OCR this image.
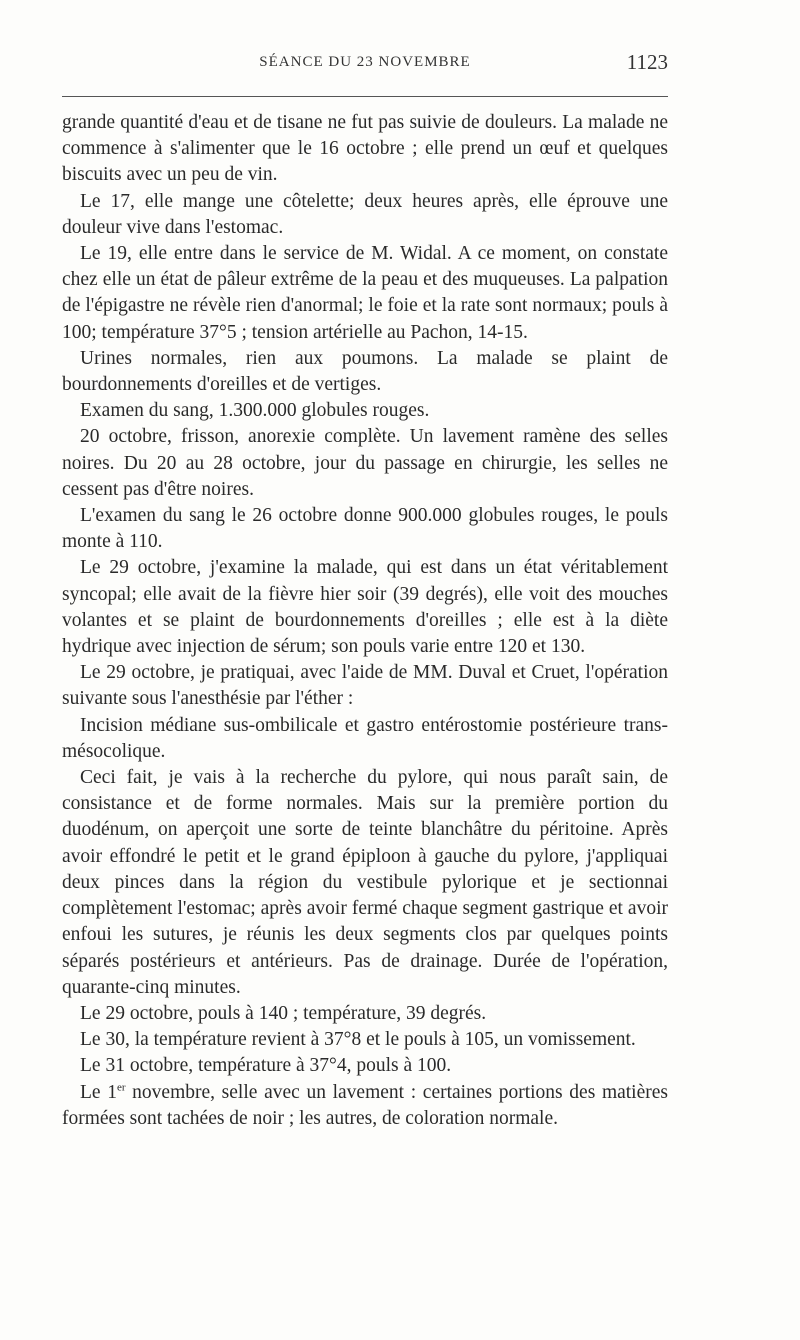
SÉANCE DU 23 NOVEMBRE	1123

grande quantité d'eau et de tisane ne fut pas suivie de douleurs. La malade ne commence à s'alimenter que le 16 octobre ; elle prend un œuf et quelques biscuits avec un peu de vin.

Le 17, elle mange une côtelette; deux heures après, elle éprouve une douleur vive dans l'estomac.

Le 19, elle entre dans le service de M. Widal. A ce moment, on constate chez elle un état de pâleur extrême de la peau et des muqueuses. La palpation de l'épigastre ne révèle rien d'anormal; le foie et la rate sont normaux; pouls à 100; température 37°5 ; tension artérielle au Pachon, 14-15.

Urines normales, rien aux poumons. La malade se plaint de bourdonnements d'oreilles et de vertiges.

Examen du sang, 1.300.000 globules rouges.

20 octobre, frisson, anorexie complète. Un lavement ramène des selles noires. Du 20 au 28 octobre, jour du passage en chirurgie, les selles ne cessent pas d'être noires.

L'examen du sang le 26 octobre donne 900.000 globules rouges, le pouls monte à 110.

Le 29 octobre, j'examine la malade, qui est dans un état véritablement syncopal; elle avait de la fièvre hier soir (39 degrés), elle voit des mouches volantes et se plaint de bourdonnements d'oreilles ; elle est à la diète hydrique avec injection de sérum; son pouls varie entre 120 et 130.

Le 29 octobre, je pratiquai, avec l'aide de MM. Duval et Cruet, l'opération suivante sous l'anesthésie par l'éther :

Incision médiane sus-ombilicale et gastro entérostomie postérieure trans-mésocolique.

Ceci fait, je vais à la recherche du pylore, qui nous paraît sain, de consistance et de forme normales. Mais sur la première portion du duodénum, on aperçoit une sorte de teinte blanchâtre du péritoine. Après avoir effondré le petit et le grand épiploon à gauche du pylore, j'appliquai deux pinces dans la région du vestibule pylorique et je sectionnai complètement l'estomac; après avoir fermé chaque segment gastrique et avoir enfoui les sutures, je réunis les deux segments clos par quelques points séparés postérieurs et antérieurs. Pas de drainage. Durée de l'opération, quarante-cinq minutes.

Le 29 octobre, pouls à 140 ; température, 39 degrés.

Le 30, la température revient à 37°8 et le pouls à 105, un vomissement.

Le 31 octobre, température à 37°4, pouls à 100.

Le 1er novembre, selle avec un lavement : certaines portions des matières formées sont tachées de noir ; les autres, de coloration normale.
